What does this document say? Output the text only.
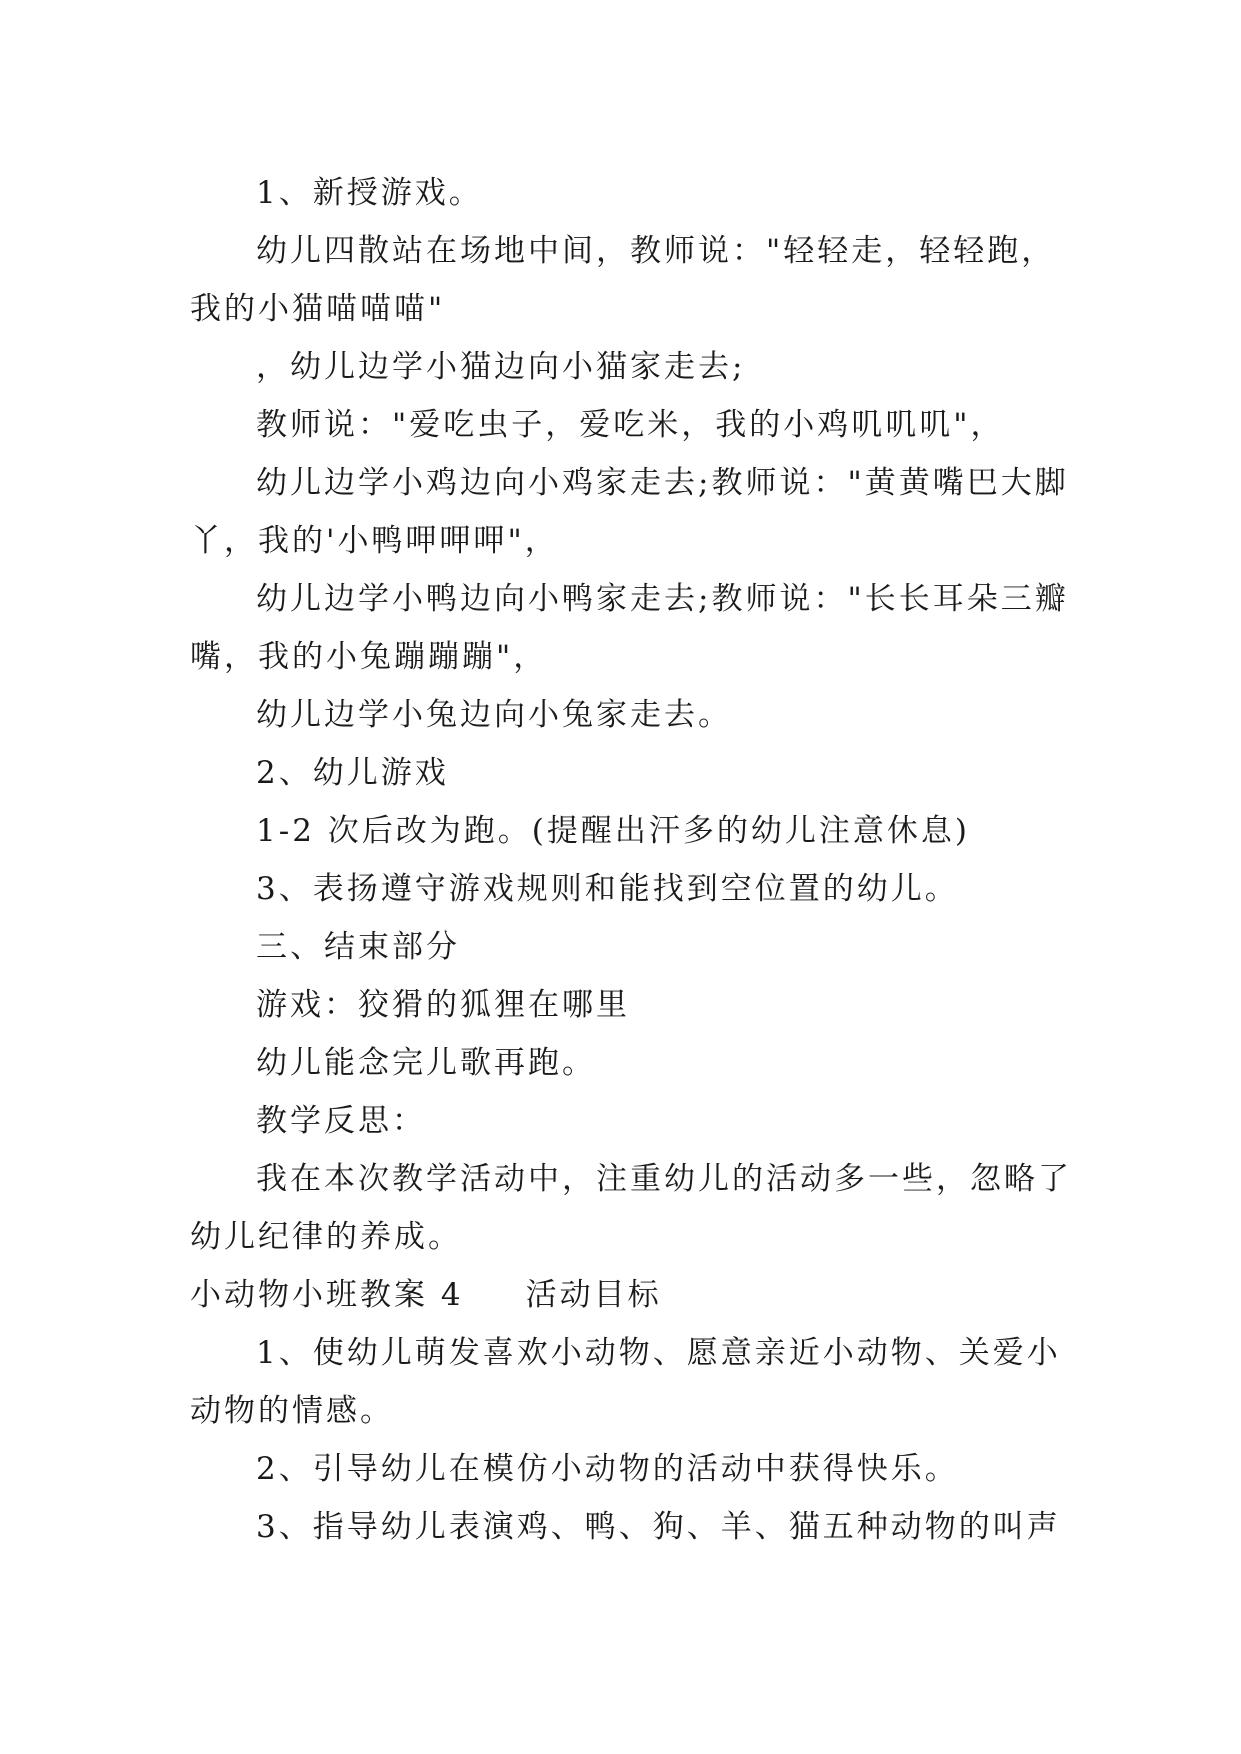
1、新授游戏。
幼儿四散站在场地中间，教师说："轻轻走，轻轻跑，
我的小猫喵喵喵"
，幼儿边学小猫边向小猫家走去;
教师说："爱吃虫子，爱吃米，我的小鸡叽叽叽"，
幼儿边学小鸡边向小鸡家走去;教师说："黄黄嘴巴大脚
丫，我的'小鸭呷呷呷"，
幼儿边学小鸭边向小鸭家走去;教师说："长长耳朵三瓣
嘴，我的小兔蹦蹦蹦"，
幼儿边学小兔边向小兔家走去。
2、幼儿游戏
1-2 次后改为跑。(提醒出汗多的幼儿注意休息)
3、表扬遵守游戏规则和能找到空位置的幼儿。
三、结束部分
游戏：狡猾的狐狸在哪里
幼儿能念完儿歌再跑。
教学反思：
我在本次教学活动中，注重幼儿的活动多一些，忽略了
幼儿纪律的养成。
小动物小班教案 4 活动目标
1、使幼儿萌发喜欢小动物、愿意亲近小动物、关爱小
动物的情感。
2、引导幼儿在模仿小动物的活动中获得快乐。
3、指导幼儿表演鸡、鸭、狗、羊、猫五种动物的叫声
